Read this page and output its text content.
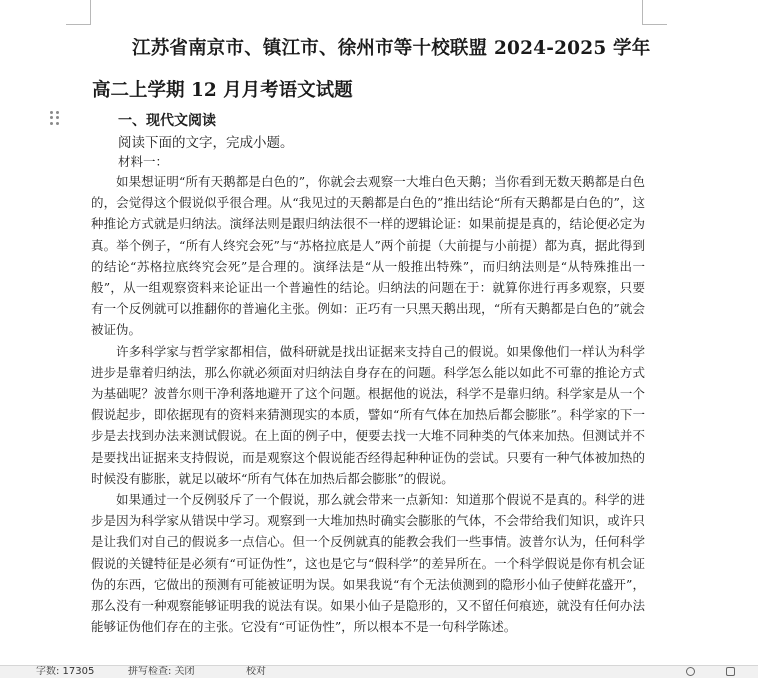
江苏省南京市、镇江市、徐州市等十校联盟 2024-2025 学年
高二上学期 12 月月考语文试题
一、现代文阅读
阅读下面的文字，完成小题。
材料一：

如果想证明“所有天鹅都是白色的”，你就会去观察一大堆白色天鹅；当你看到无数天鹅都是白色的，会觉得这个假说似乎很合理。从“我见过的天鹅都是白色的”推出结论“所有天鹅都是白色的”，这种推论方式就是归纳法。演绎法则是跟归纳法很不一样的逻辑论证：如果前提是真的，结论便必定为真。举个例子，“所有人终究会死”与“苏格拉底是人”两个前提（大前提与小前提）都为真，据此得到的结论“苏格拉底终究会死”是合理的。演绎法是“从一般推出特殊”，而归纳法则是“从特殊推出一般”，从一组观察资料来论证出一个普遍性的结论。归纳法的问题在于：就算你进行再多观察，只要有一个反例就可以推翻你的普遍化主张。例如：正巧有一只黑天鹅出现，“所有天鹅都是白色的”就会被证伪。

许多科学家与哲学家都相信，做科研就是找出证据来支持自己的假说。如果像他们一样认为科学进步是靠着归纳法，那么你就必须面对归纳法自身存在的问题。科学怎么能以如此不可靠的推论方式为基础呢？波普尔则干净利落地避开了这个问题。根据他的说法，科学不是靠归纳。科学家是从一个假说起步，即依据现有的资料来猜测现实的本质，譬如“所有气体在加热后都会膨胀”。科学家的下一步是去找到办法来测试假说。在上面的例子中，便要去找一大堆不同种类的气体来加热。但测试并不是要找出证据来支持假说，而是观察这个假说能否经得起种种证伪的尝试。只要有一种气体被加热的时候没有膨胀，就足以破坏“所有气体在加热后都会膨胀”的假说。

如果通过一个反例驳斥了一个假说，那么就会带来一点新知：知道那个假说不是真的。科学的进步是因为科学家从错误中学习。观察到一大堆加热时确实会膨胀的气体，不会带给我们知识，或许只是让我们对自己的假说多一点信心。但一个反例就真的能教会我们一些事情。波普尔认为，任何科学假说的关键特征是必须有“可证伪性”，这也是它与“假科学”的差异所在。一个科学假说是你有机会证伪的东西，它做出的预测有可能被证明为误。如果我说“有个无法侦测到的隐形小仙子使鲜花盛开”，那么没有一种观察能够证明我的说法有误。如果小仙子是隐形的，又不留任何痕迹，就没有任何办法能够证伪他们存在的主张。它没有“可证伪性”，所以根本不是一句科学陈述。

字数: 17305	拼写检查: 关闭	校对
